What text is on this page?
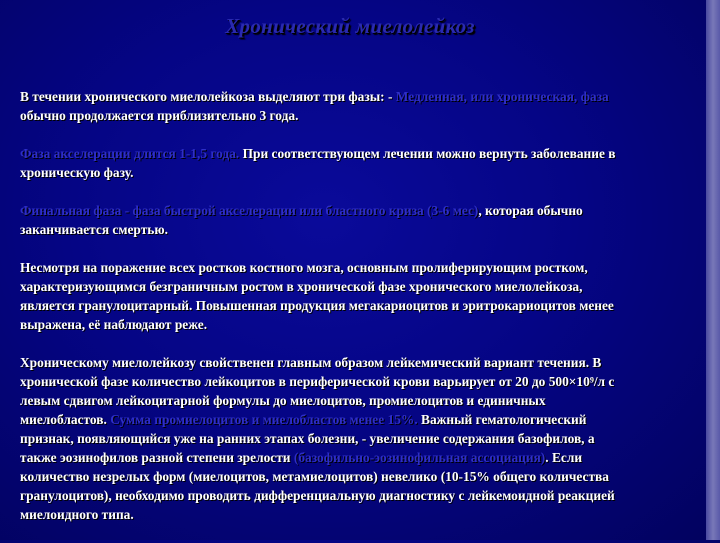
Хронический миелолейкоз
В течении хронического миелолейкоза выделяют три фазы: - Медленная, или хроническая, фаза
обычно продолжается приблизительно 3 года.
Фаза акселерации длится 1-1,5 года. При соответствующем лечении можно вернуть заболевание в
хроническую фазу.
Финальная фаза - фаза быстрой акселерации или бластного криза (3-6 мес), которая обычно
заканчивается смертью.
Несмотря на поражение всех ростков костного мозга, основным пролиферирующим ростком,
характеризующимся безграничным ростом в хронической фазе хронического миелолейкоза,
является гранулоцитарный. Повышенная продукция мегакариоцитов и эритрокариоцитов менее
выражена, её наблюдают реже.
Хроническому миелолейкозу свойственен главным образом лейкемический вариант течения. В
хронической фазе количество лейкоцитов в периферической крови варьирует от 20 до 500×10⁹/л с
левым сдвигом лейкоцитарной формулы до миелоцитов, промиелоцитов и единичных
миелобластов. Сумма промиелоцитов и миелобластов менее 15%. Важный гематологический
признак, появляющийся уже на ранних этапах болезни, - увеличение содержания базофилов, а
также эозинофилов разной степени зрелости (базофильно-эозинофильная ассоциация). Если
количество незрелых форм (миелоцитов, метамиелоцитов) невелико (10-15% общего количества
гранулоцитов), необходимо проводить дифференциальную диагностику с лейкемоидной реакцией
миелоидного типа.
